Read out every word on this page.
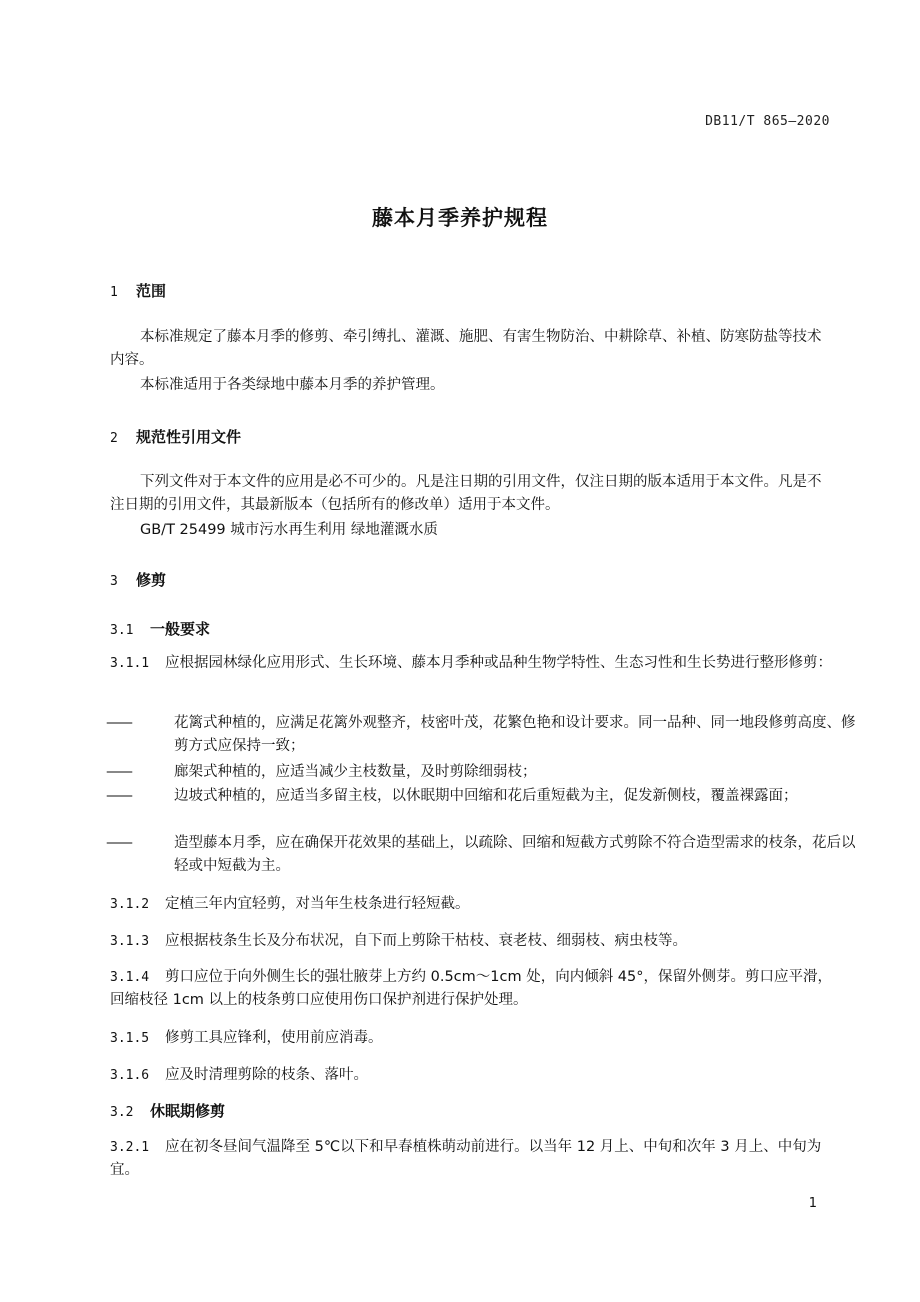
DB11/T 865—2020
藤本月季养护规程
1 范围
本标准规定了藤本月季的修剪、牵引缚扎、灌溉、施肥、有害生物防治、中耕除草、补植、防寒防盐等技术内容。
本标准适用于各类绿地中藤本月季的养护管理。
2 规范性引用文件
下列文件对于本文件的应用是必不可少的。凡是注日期的引用文件，仅注日期的版本适用于本文件。凡是不注日期的引用文件，其最新版本（包括所有的修改单）适用于本文件。
GB/T 25499 城市污水再生利用 绿地灌溉水质
3 修剪
3.1 一般要求
3.1.1 应根据园林绿化应用形式、生长环境、藤本月季种或品种生物学特性、生态习性和生长势进行整形修剪：
——	花篱式种植的，应满足花篱外观整齐，枝密叶茂，花繁色艳和设计要求。同一品种、同一地段修剪高度、修剪方式应保持一致；
——	廊架式种植的，应适当减少主枝数量，及时剪除细弱枝；
——	边坡式种植的，应适当多留主枝，以休眠期中回缩和花后重短截为主，促发新侧枝，覆盖裸露面；
——	造型藤本月季，应在确保开花效果的基础上，以疏除、回缩和短截方式剪除不符合造型需求的枝条，花后以轻或中短截为主。
3.1.2 定植三年内宜轻剪，对当年生枝条进行轻短截。
3.1.3 应根据枝条生长及分布状况，自下而上剪除干枯枝、衰老枝、细弱枝、病虫枝等。
3.1.4 剪口应位于向外侧生长的强壮腋芽上方约 0.5cm～1cm 处，向内倾斜 45°，保留外侧芽。剪口应平滑，回缩枝径 1cm 以上的枝条剪口应使用伤口保护剂进行保护处理。
3.1.5 修剪工具应锋利，使用前应消毒。
3.1.6 应及时清理剪除的枝条、落叶。
3.2 休眠期修剪
3.2.1 应在初冬昼间气温降至 5℃以下和早春植株萌动前进行。以当年 12 月上、中旬和次年 3 月上、中旬为宜。
1
